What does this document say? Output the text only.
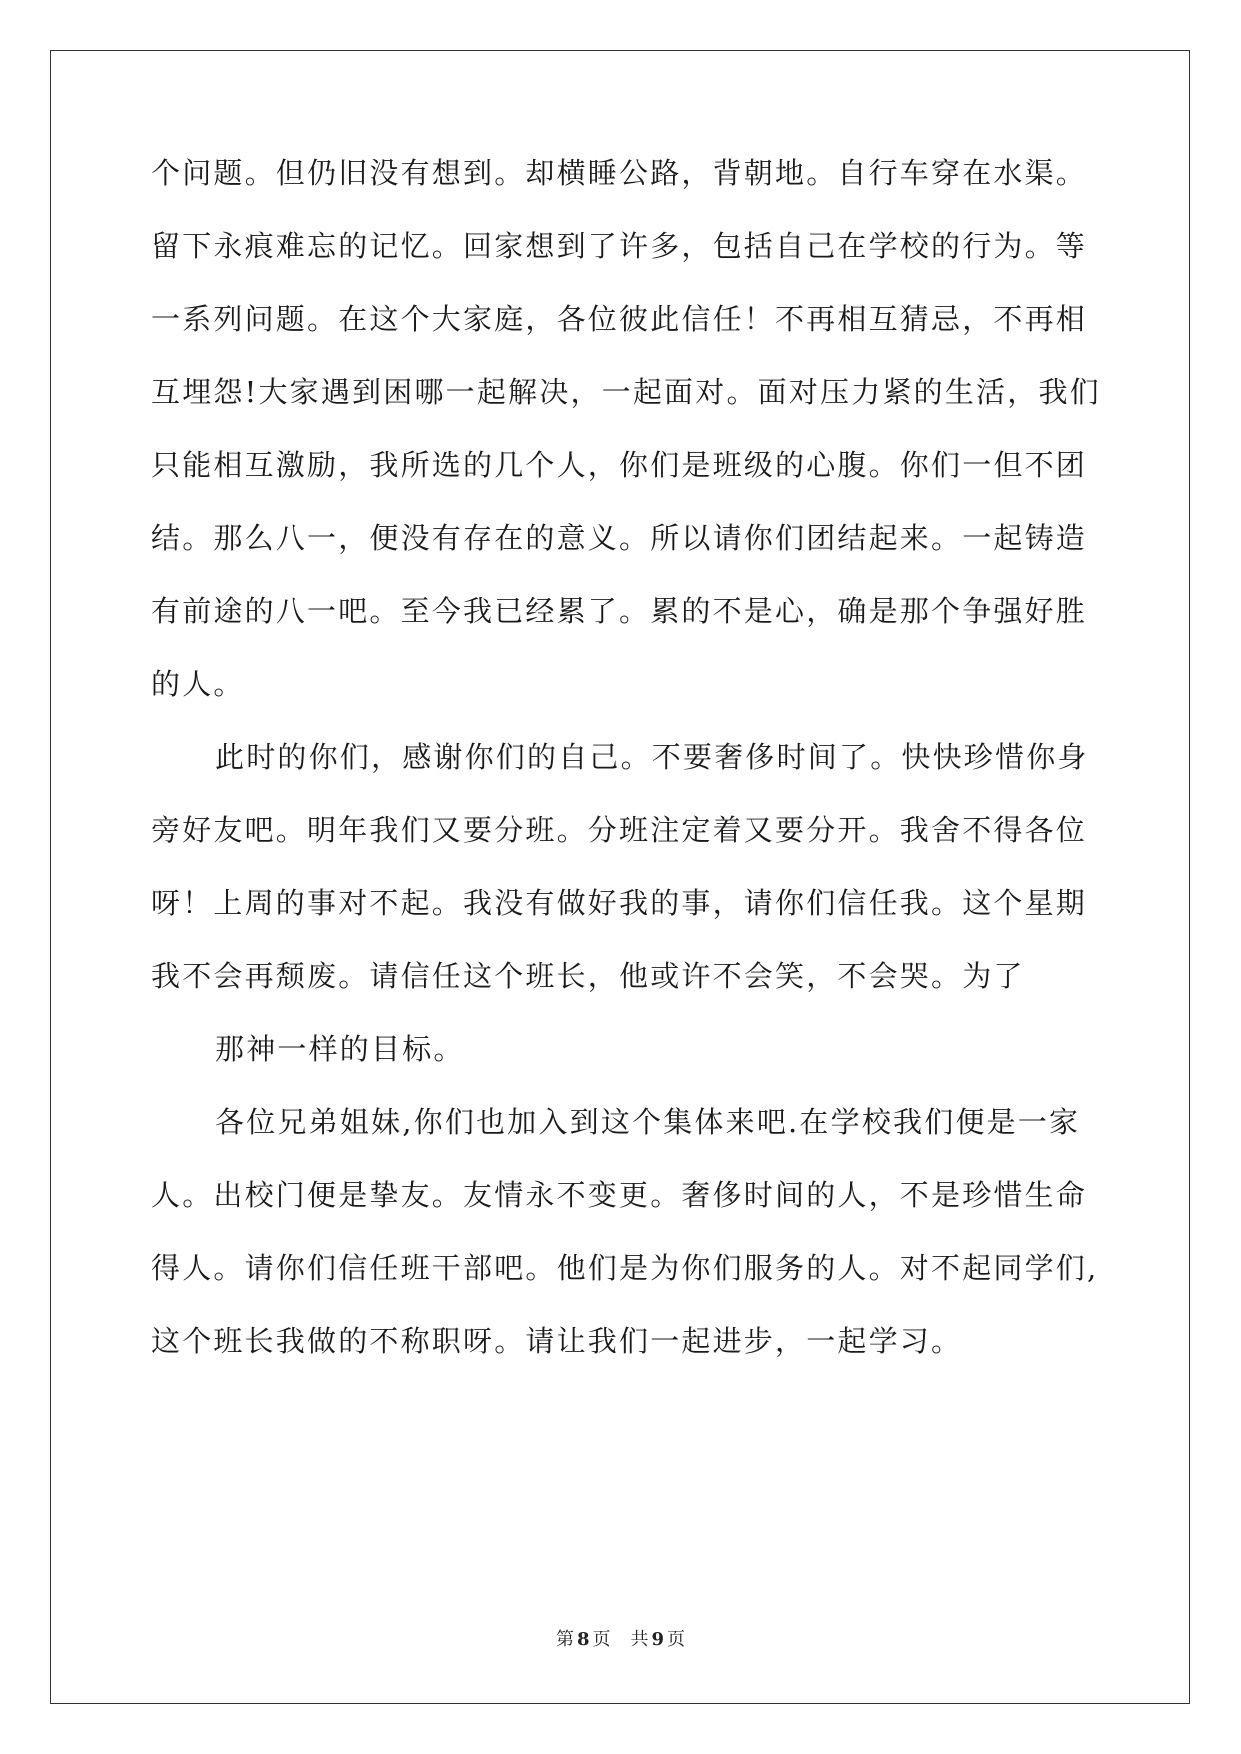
个问题。但仍旧没有想到。却横睡公路，背朝地。自行车穿在水渠。
留下永痕难忘的记忆。回家想到了许多，包括自己在学校的行为。等
一系列问题。在这个大家庭，各位彼此信任！不再相互猜忌，不再相
互埋怨!大家遇到困哪一起解决，一起面对。面对压力紧的生活，我们
只能相互激励，我所选的几个人，你们是班级的心腹。你们一但不团
结。那么八一，便没有存在的意义。所以请你们团结起来。一起铸造
有前途的八一吧。至今我已经累了。累的不是心，确是那个争强好胜
的人。
此时的你们，感谢你们的自己。不要奢侈时间了。快快珍惜你身
旁好友吧。明年我们又要分班。分班注定着又要分开。我舍不得各位
呀！上周的事对不起。我没有做好我的事，请你们信任我。这个星期
我不会再颓废。请信任这个班长，他或许不会笑，不会哭。为了
那神一样的目标。
各位兄弟姐妹,你们也加入到这个集体来吧.在学校我们便是一家
人。出校门便是挚友。友情永不变更。奢侈时间的人，不是珍惜生命
得人。请你们信任班干部吧。他们是为你们服务的人。对不起同学们,
这个班长我做的不称职呀。请让我们一起进步，一起学习。
第 8 页 共 9 页
